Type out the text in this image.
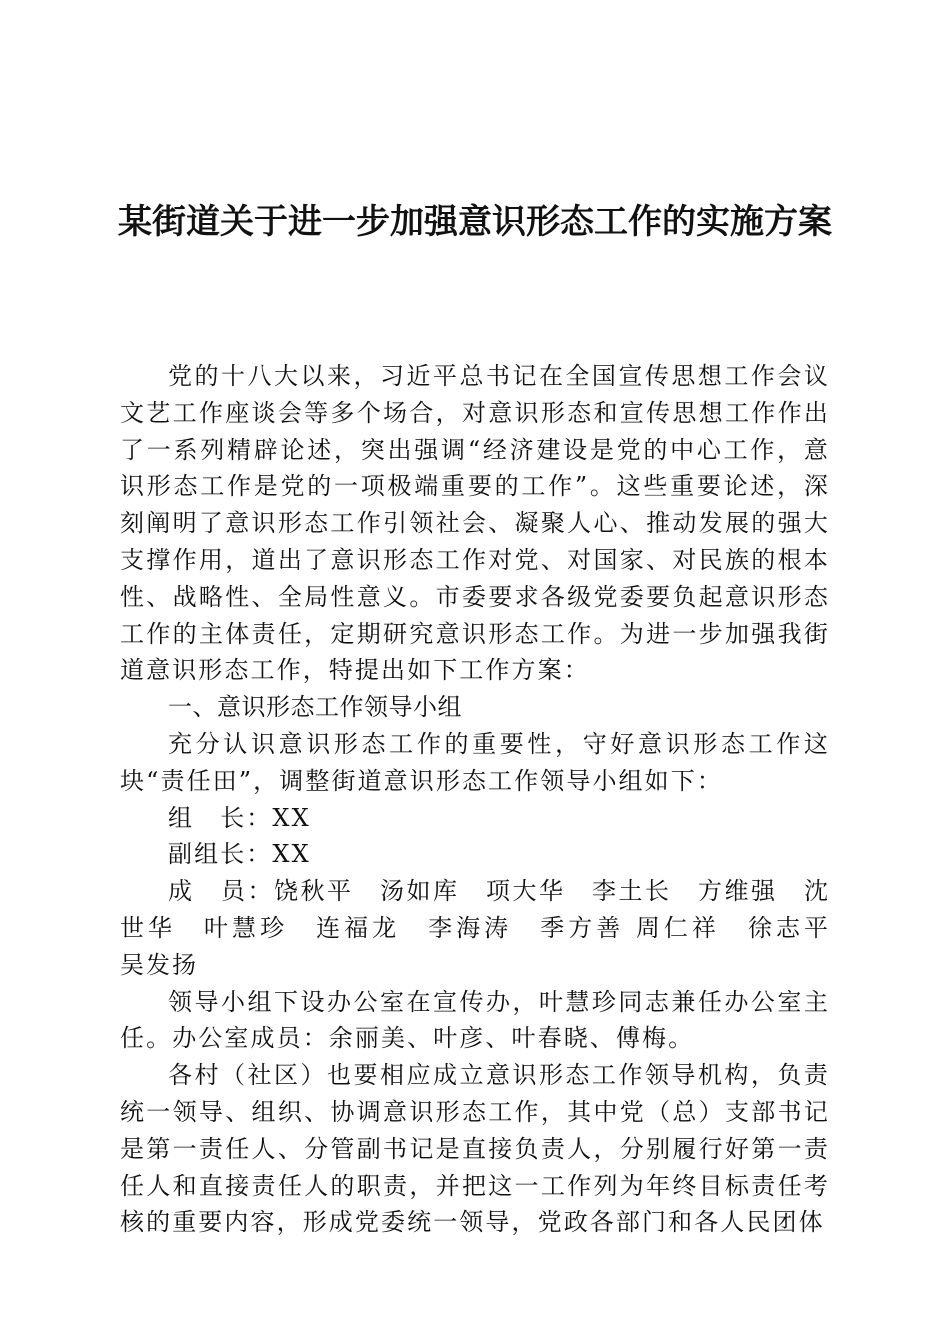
某街道关于进一步加强意识形态工作的实施方案

党的十八大以来，习近平总书记在全国宣传思想工作会议文艺工作座谈会等多个场合，对意识形态和宣传思想工作作出了一系列精辟论述，突出强调“经济建设是党的中心工作，意识形态工作是党的一项极端重要的工作”。这些重要论述，深刻阐明了意识形态工作引领社会、凝聚人心、推动发展的强大支撑作用，道出了意识形态工作对党、对国家、对民族的根本性、战略性、全局性意义。市委要求各级党委要负起意识形态工作的主体责任，定期研究意识形态工作。为进一步加强我街道意识形态工作，特提出如下工作方案：

一、意识形态工作领导小组

充分认识意识形态工作的重要性，守好意识形态工作这块“责任田”，调整街道意识形态工作领导小组如下：

组　长：XX

副组长：XX

成　员：饶秋平　汤如库　项大华　李土长　方维强　沈世华　叶慧珍　连福龙　李海涛　季方善 周仁祥　徐志平　吴发扬

领导小组下设办公室在宣传办，叶慧珍同志兼任办公室主任。办公室成员：余丽美、叶彦、叶春晓、傅梅。

各村（社区）也要相应成立意识形态工作领导机构，负责统一领导、组织、协调意识形态工作，其中党（总）支部书记是第一责任人、分管副书记是直接负责人，分别履行好第一责任人和直接责任人的职责，并把这一工作列为年终目标责任考核的重要内容，形成党委统一领导，党政各部门和各人民团体
